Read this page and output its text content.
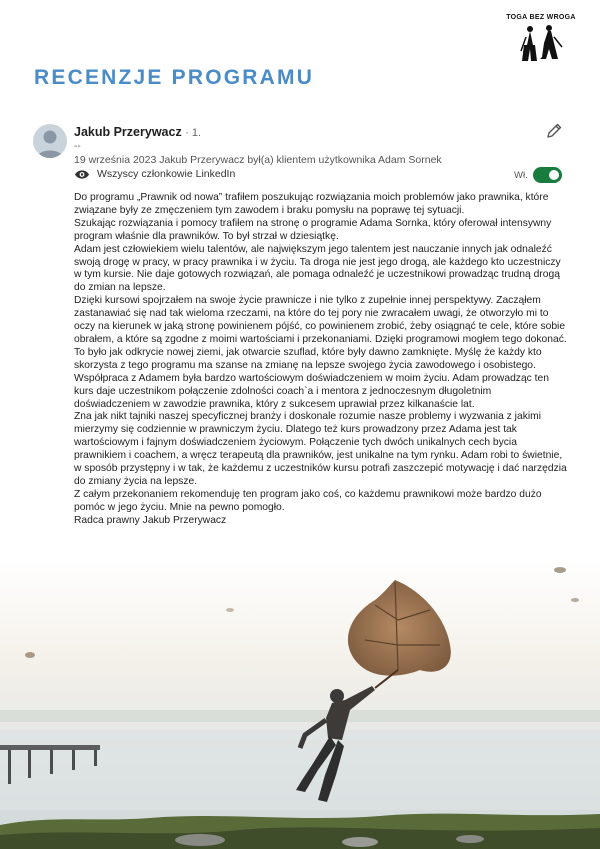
TOGA BEZ WROGA
RECENZJE PROGRAMU
Jakub Przerywacz · 1.
--
19 września 2023 Jakub Przerywacz był(a) klientem użytkownika Adam Sornek
Wszyscy członkowie LinkedIn	Wł.

Do programu „Prawnik od nowa” trafiłem poszukując rozwiązania moich problemów jako prawnika, które związane były ze zmęczeniem tym zawodem i braku pomysłu na poprawę tej sytuacji.

Szukając rozwiązania i pomocy trafiłem na stronę o programie Adama Sornka, który oferował intensywny program właśnie dla prawników. To był strzał w dziesiątkę.

Adam jest człowiekiem wielu talentów, ale największym jego talentem jest nauczanie innych jak odnaleźć swoją drogę w pracy, w pracy prawnika i w życiu. Ta droga nie jest jego drogą, ale każdego kto uczestniczy w tym kursie. Nie daje gotowych rozwiązań, ale pomaga odnaleźć je uczestnikowi prowadząc trudną drogą do zmian na lepsze.

Dzięki kursowi spojrzałem na swoje życie prawnicze i nie tylko z zupełnie innej perspektywy. Zacząłem zastanawiać się nad tak wieloma rzeczami, na które do tej pory nie zwracałem uwagi, że otworzyło mi to oczy na kierunek w jaką stronę powinienem pójść, co powinienem zrobić, żeby osiągnąć te cele, które sobie obrałem, a które są zgodne z moimi wartościami i przekonaniami. Dzięki programowi mogłem tego dokonać.

To było jak odkrycie nowej ziemi, jak otwarcie szuflad, które były dawno zamknięte. Myślę że każdy kto skorzysta z tego programu ma szanse na zmianę na lepsze swojego życia zawodowego i osobistego.

Współpraca z Adamem była bardzo wartościowym doświadczeniem w moim życiu. Adam prowadząc ten kurs daje uczestnikom połączenie zdolności coach`a i mentora z jednoczesnym długoletnim doświadczeniem w zawodzie prawnika, który z sukcesem uprawiał przez kilkanaście lat.

Zna jak nikt tajniki naszej specyficznej branży i doskonale rozumie nasze problemy i wyzwania z jakimi mierzymy się codziennie w prawniczym życiu. Dlatego też kurs prowadzony przez Adama jest tak wartościowym i fajnym doświadczeniem życiowym. Połączenie tych dwóch unikalnych cech bycia prawnikiem i coachem, a wręcz terapeutą dla prawników, jest unikalne na tym rynku. Adam robi to świetnie, w sposób przystępny i w tak, że każdemu z uczestników kursu potrafi zaszczepić motywację i dać narzędzia do zmiany życia na lepsze.

Z całym przekonaniem rekomenduję ten program jako coś, co każdemu prawnikowi może bardzo dużo pomóc w jego życiu. Mnie na pewno pomogło.

Radca prawny Jakub Przerywacz
